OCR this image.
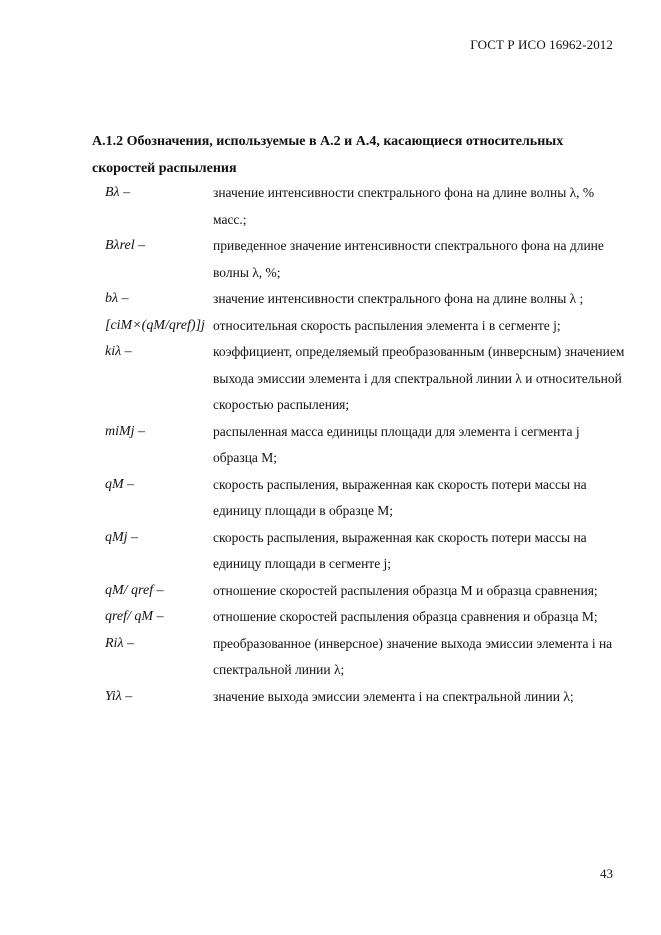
ГОСТ Р ИСО 16962-2012
А.1.2 Обозначения, используемые в А.2 и А.4, касающиеся относительных
скоростей распыления
Bλ –	значение интенсивности спектрального фона на длине волны λ, % масс.;
Bλrel –	приведенное значение интенсивности спектрального фона на длине волны λ, %;
bλ –	значение интенсивности спектрального фона на длине волны λ ;
[ciM×(qM/qref)]j относительная скорость распыления элемента i в сегменте j;
kiλ –	коэффициент, определяемый преобразованным (инверсным) значением выхода эмиссии элемента i для спектральной линии λ и относительной скоростью распыления;
miMj –	распыленная масса единицы площади для элемента i сегмента j образца М;
qM –	скорость распыления, выраженная как скорость потери массы на единицу площади в образце М;
qMj –	скорость распыления, выраженная как скорость потери массы на единицу площади в сегменте j;
qM/ qref –	отношение скоростей распыления образца М и образца сравнения;
qref/ qM –	отношение скоростей распыления образца сравнения и образца М;
Riλ –	преобразованное (инверсное) значение выхода эмиссии элемента i на спектральной линии λ;
Yiλ –	значение выхода эмиссии элемента i на спектральной линии λ;
43
